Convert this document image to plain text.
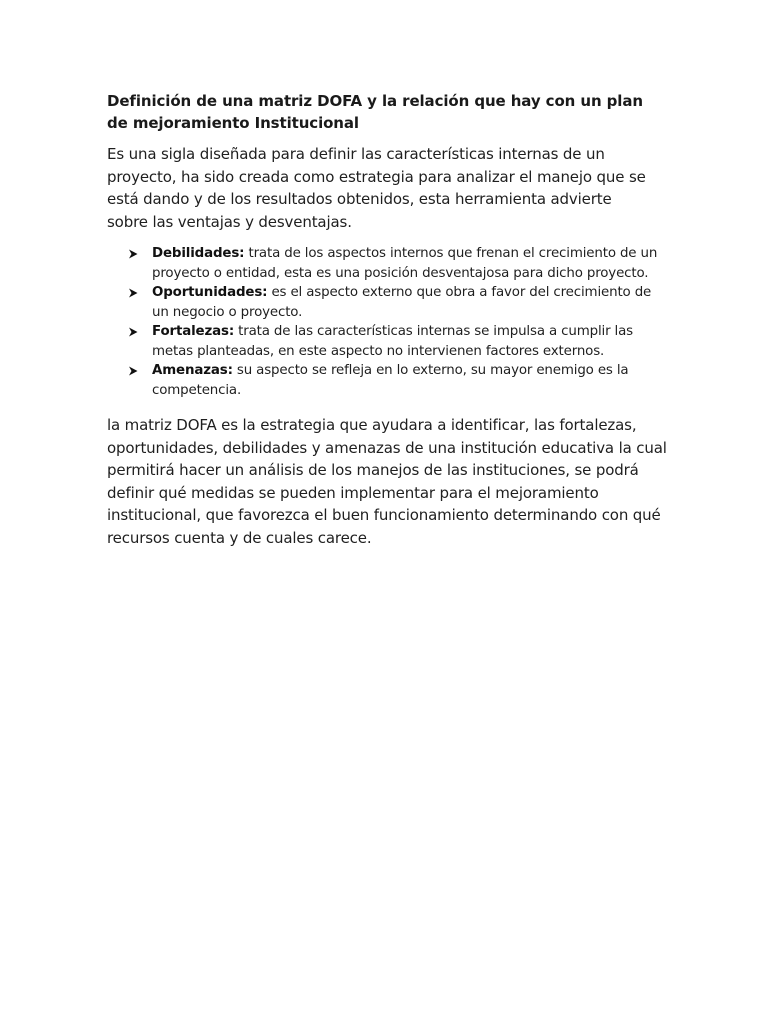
Definición de una matriz DOFA y la relación que hay con un plan de mejoramiento Institucional

Es una sigla diseñada para definir las características internas de un proyecto, ha sido creada como estrategia para analizar el manejo que se está dando y de los resultados obtenidos, esta herramienta advierte sobre las ventajas y desventajas.

Debilidades: trata de los aspectos internos que frenan el crecimiento de un proyecto o entidad, esta es una posición desventajosa para dicho proyecto.
Oportunidades: es el aspecto externo que obra a favor del crecimiento de un negocio o proyecto.
Fortalezas: trata de las características internas se impulsa a cumplir las metas planteadas, en este aspecto no intervienen factores externos.
Amenazas: su aspecto se refleja en lo externo, su mayor enemigo es la competencia.

la matriz DOFA es la estrategia que ayudara a identificar, las fortalezas, oportunidades, debilidades y amenazas de una institución educativa la cual permitirá hacer un análisis de los manejos de las instituciones, se podrá definir qué medidas se pueden implementar para el mejoramiento institucional, que favorezca el buen funcionamiento determinando con qué recursos cuenta y de cuales carece.
